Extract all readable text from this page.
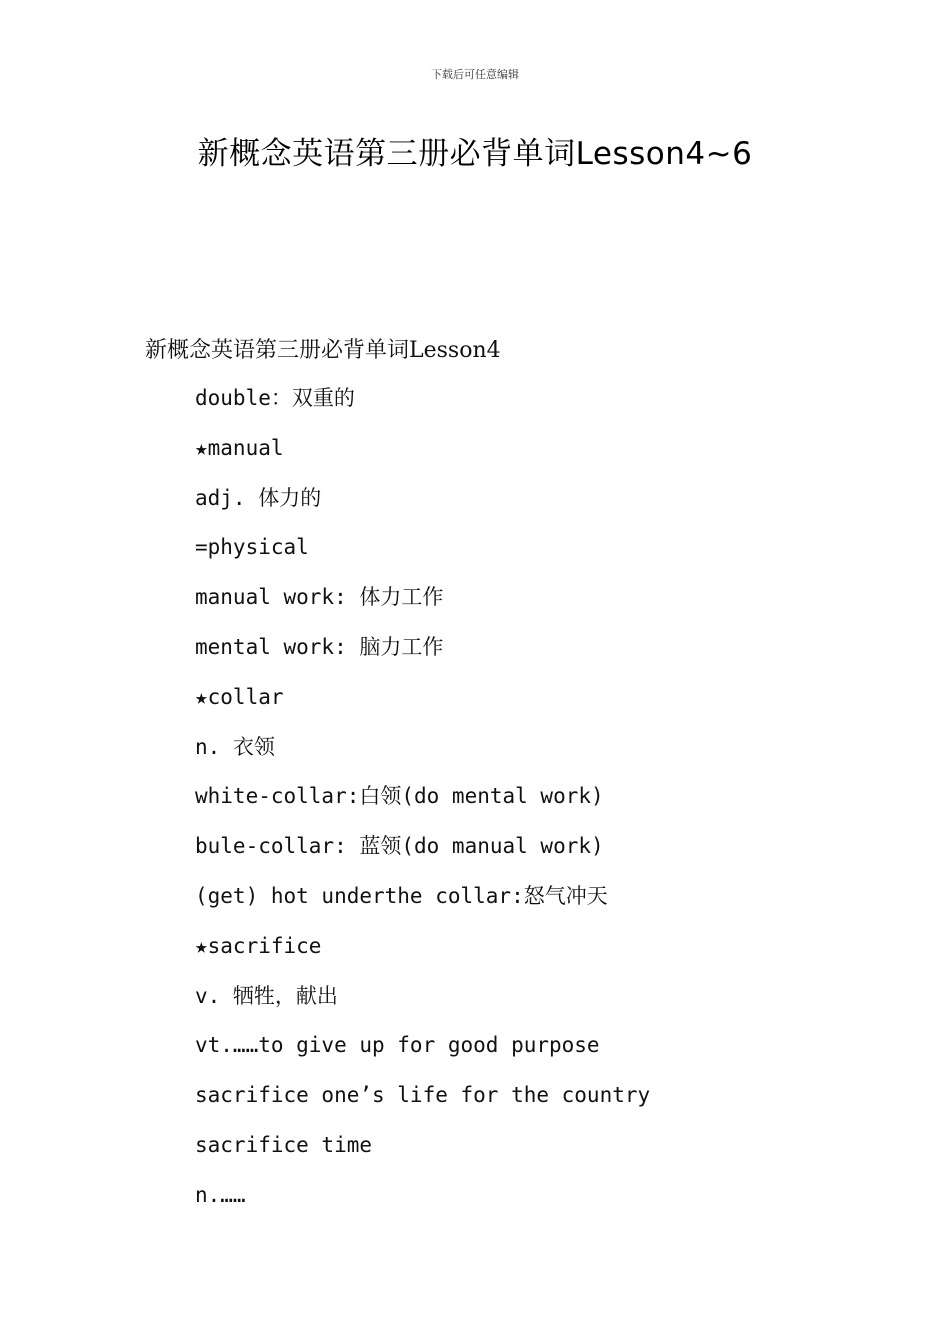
下载后可任意编辑
新概念英语第三册必背单词Lesson4~6
新概念英语第三册必背单词Lesson4
double：双重的
★manual
adj. 体力的
=physical
manual work: 体力工作
mental work: 脑力工作
★collar
n. 衣领
white-collar:白领(do mental work)
bule-collar: 蓝领(do manual work)
(get) hot underthe collar:怒气冲天
★sacrifice
v. 牺牲，献出
vt.……to give up for good purpose
sacrifice one’s life for the country
sacrifice time
n.……
